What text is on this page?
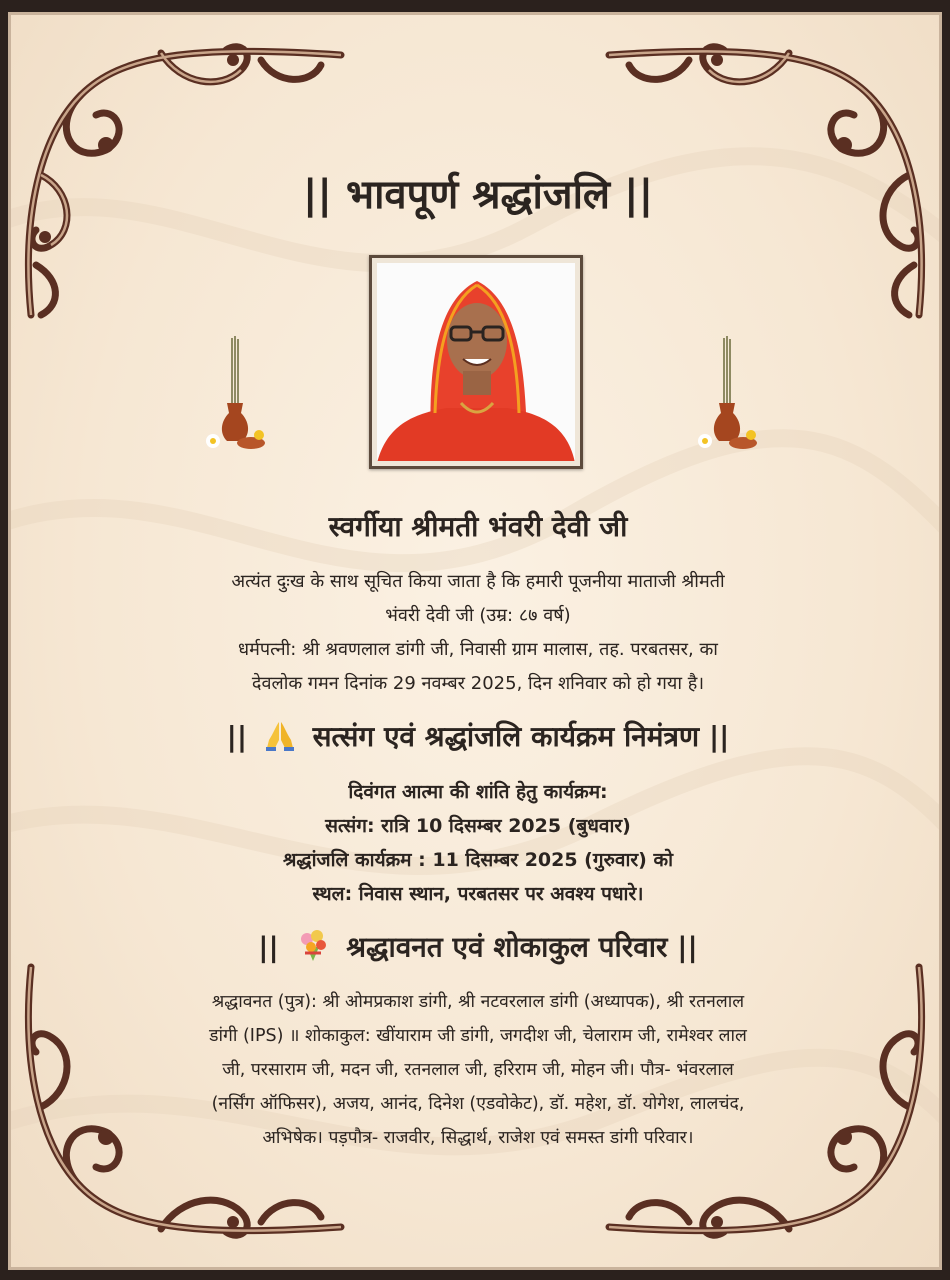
|| भावपूर्ण श्रद्धांजलि ||
स्वर्गीया श्रीमती भंवरी देवी जी
अत्यंत दुःख के साथ सूचित किया जाता है कि हमारी पूजनीया माताजी श्रीमती
भंवरी देवी जी (उम्र: ८७ वर्ष)
धर्मपत्नी: श्री श्रवणलाल डांगी जी, निवासी ग्राम मालास, तह. परबतसर, का
देवलोक गमन दिनांक 29 नवम्बर 2025, दिन शनिवार को हो गया है।
|| सत्संग एवं श्रद्धांजलि कार्यक्रम निमंत्रण ||
दिवंगत आत्मा की शांति हेतु कार्यक्रम:
सत्संग: रात्रि 10 दिसम्बर 2025 (बुधवार)
श्रद्धांजलि कार्यक्रम : 11 दिसम्बर 2025 (गुरुवार) को
स्थल: निवास स्थान, परबतसर पर अवश्य पधारे।
|| श्रद्धावनत एवं शोकाकुल परिवार ||
श्रद्धावनत (पुत्र): श्री ओमप्रकाश डांगी, श्री नटवरलाल डांगी (अध्यापक), श्री रतनलाल
डांगी (IPS) ॥ शोकाकुल: खींयाराम जी डांगी, जगदीश जी, चेलाराम जी, रामेश्वर लाल
जी, परसाराम जी, मदन जी, रतनलाल जी, हरिराम जी, मोहन जी। पौत्र- भंवरलाल
(नर्सिंग ऑफिसर), अजय, आनंद, दिनेश (एडवोकेट), डॉ. महेश, डॉ. योगेश, लालचंद,
अभिषेक। पड़पौत्र- राजवीर, सिद्धार्थ, राजेश एवं समस्त डांगी परिवार।
